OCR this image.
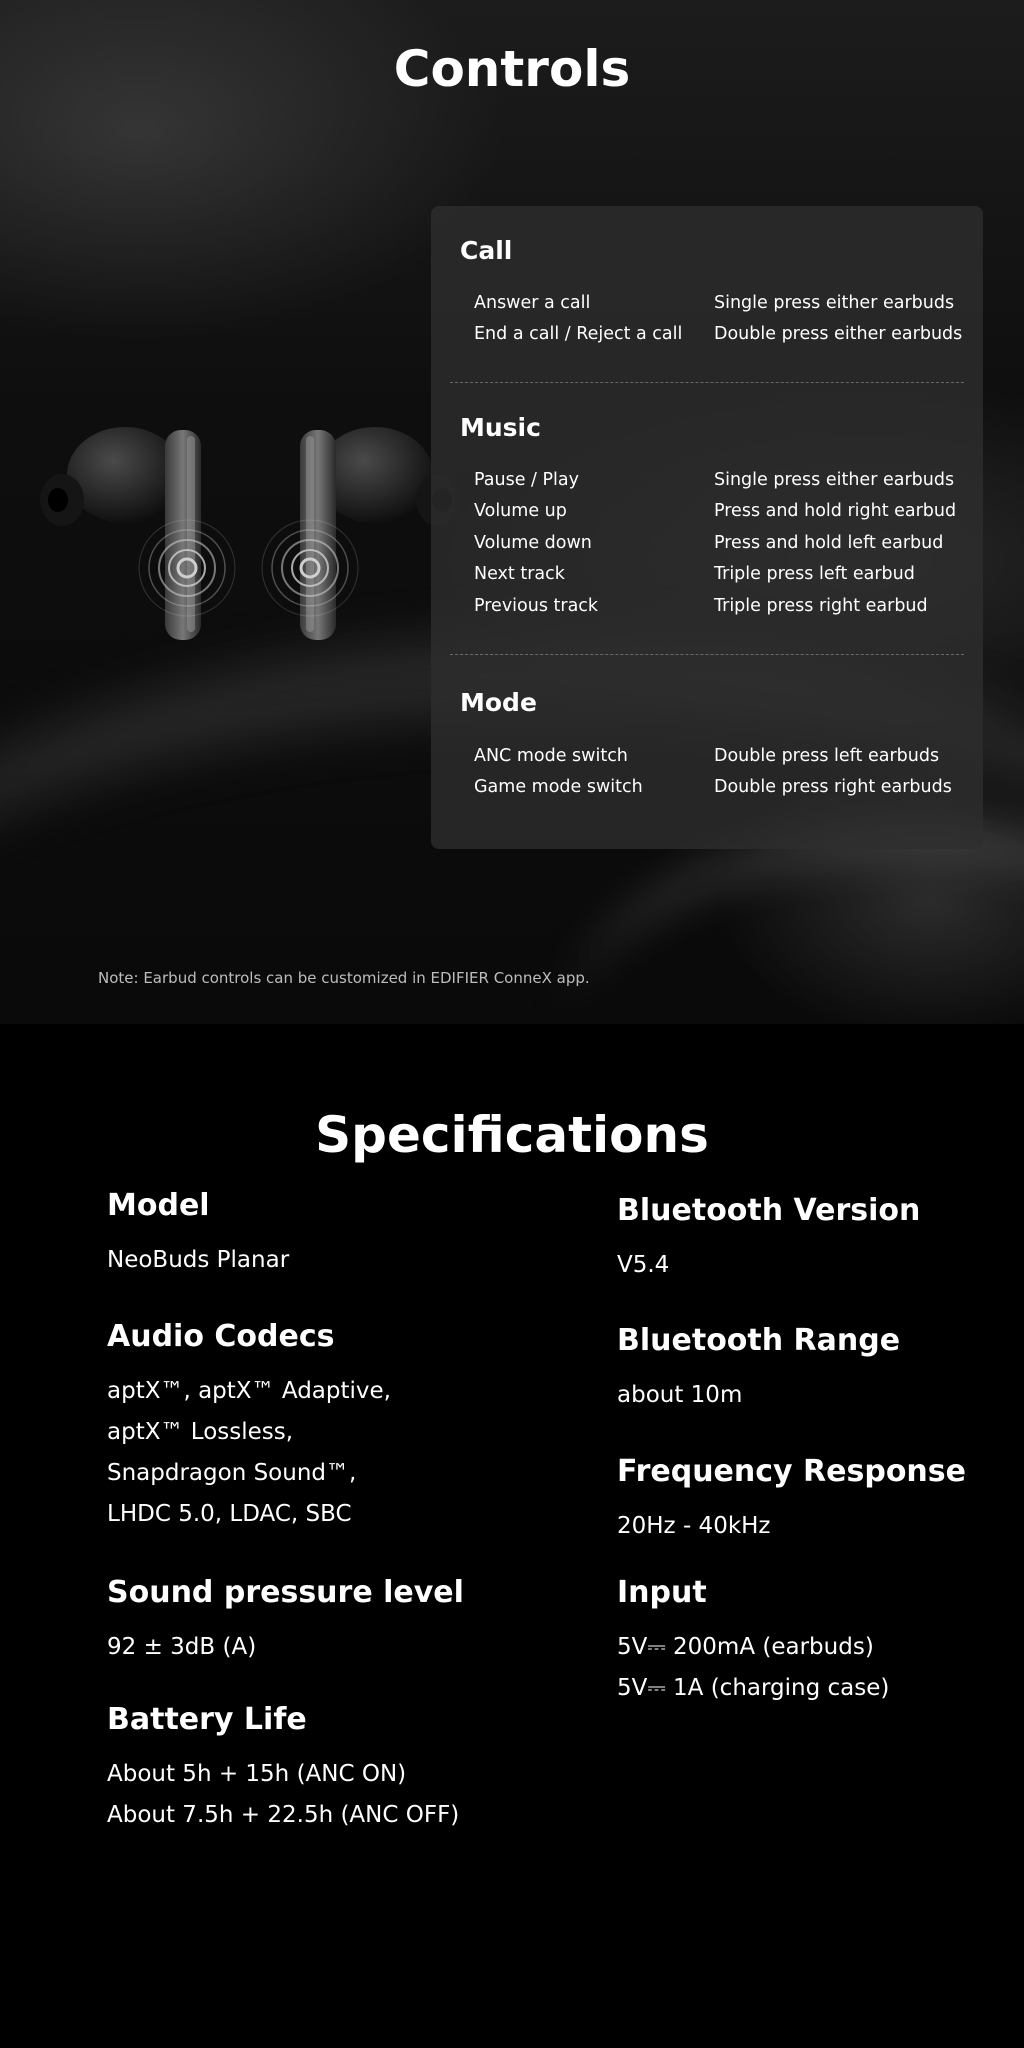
Controls
Call
Answer a call	Single press either earbuds
End a call / Reject a call Double press either earbuds
Music
Pause / Play	Single press either earbuds
Volume up	Press and hold right earbud
Volume down	Press and hold left earbud
Next track	Triple press left earbud
Previous track	Triple press right earbud
Mode
ANC mode switch	Double press left earbuds
Game mode switch	Double press right earbuds
Note: Earbud controls can be customized in EDIFIER ConneX app.
Specifications
Model
NeoBuds Planar
Audio Codecs
aptX™, aptX™ Adaptive,
aptX™ Lossless,
Snapdragon Sound™,
LHDC 5.0, LDAC, SBC
Sound pressure level
92 ± 3dB (A)
Battery Life
About 5h + 15h (ANC ON)
About 7.5h + 22.5h (ANC OFF)
Bluetooth Version
V5.4
Bluetooth Range
about 10m
Frequency Response
20Hz - 40kHz
Input
5V⎓ 200mA (earbuds)
5V⎓ 1A (charging case)
